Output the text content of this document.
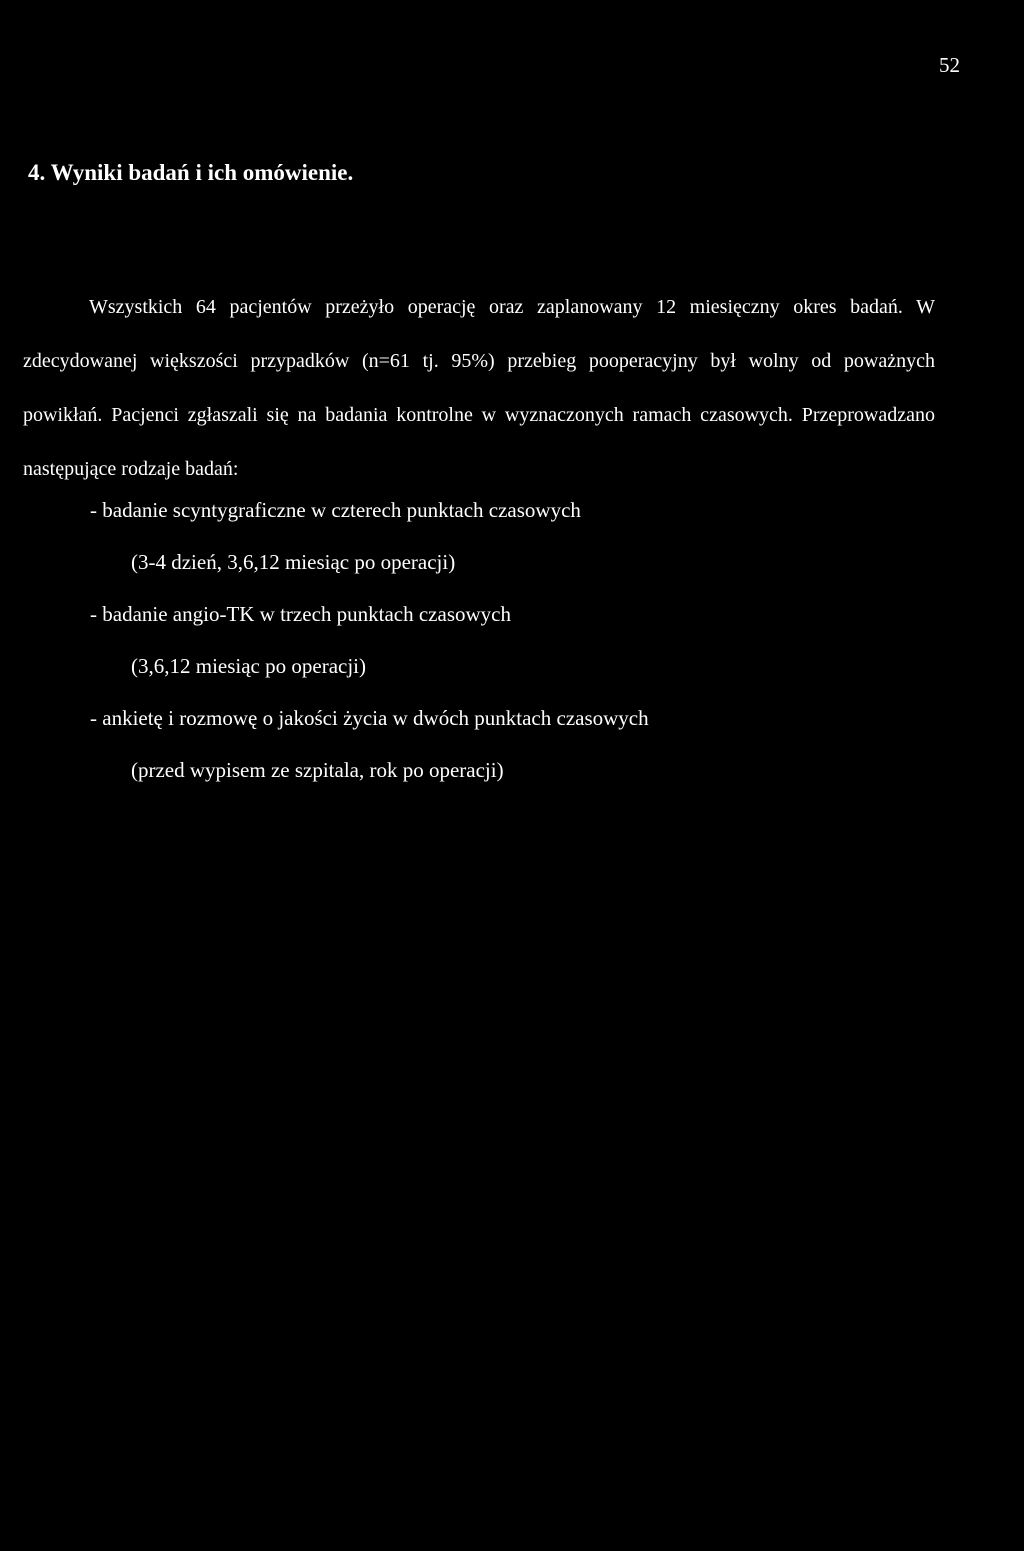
52
4. Wyniki badań i ich omówienie.

Wszystkich 64 pacjentów przeżyło operację oraz zaplanowany 12 miesięczny okres badań. W zdecydowanej większości przypadków (n=61 tj. 95%) przebieg pooperacyjny był wolny od poważnych powikłań. Pacjenci zgłaszali się na badania kontrolne w wyznaczonych ramach czasowych. Przeprowadzano następujące rodzaje badań:

- badanie scyntygraficzne w czterech punktach czasowych
(3-4 dzień, 3,6,12 miesiąc po operacji)
- badanie angio-TK w trzech punktach czasowych
(3,6,12 miesiąc po operacji)
- ankietę i rozmowę o jakości życia w dwóch punktach czasowych
(przed wypisem ze szpitala, rok po operacji)
